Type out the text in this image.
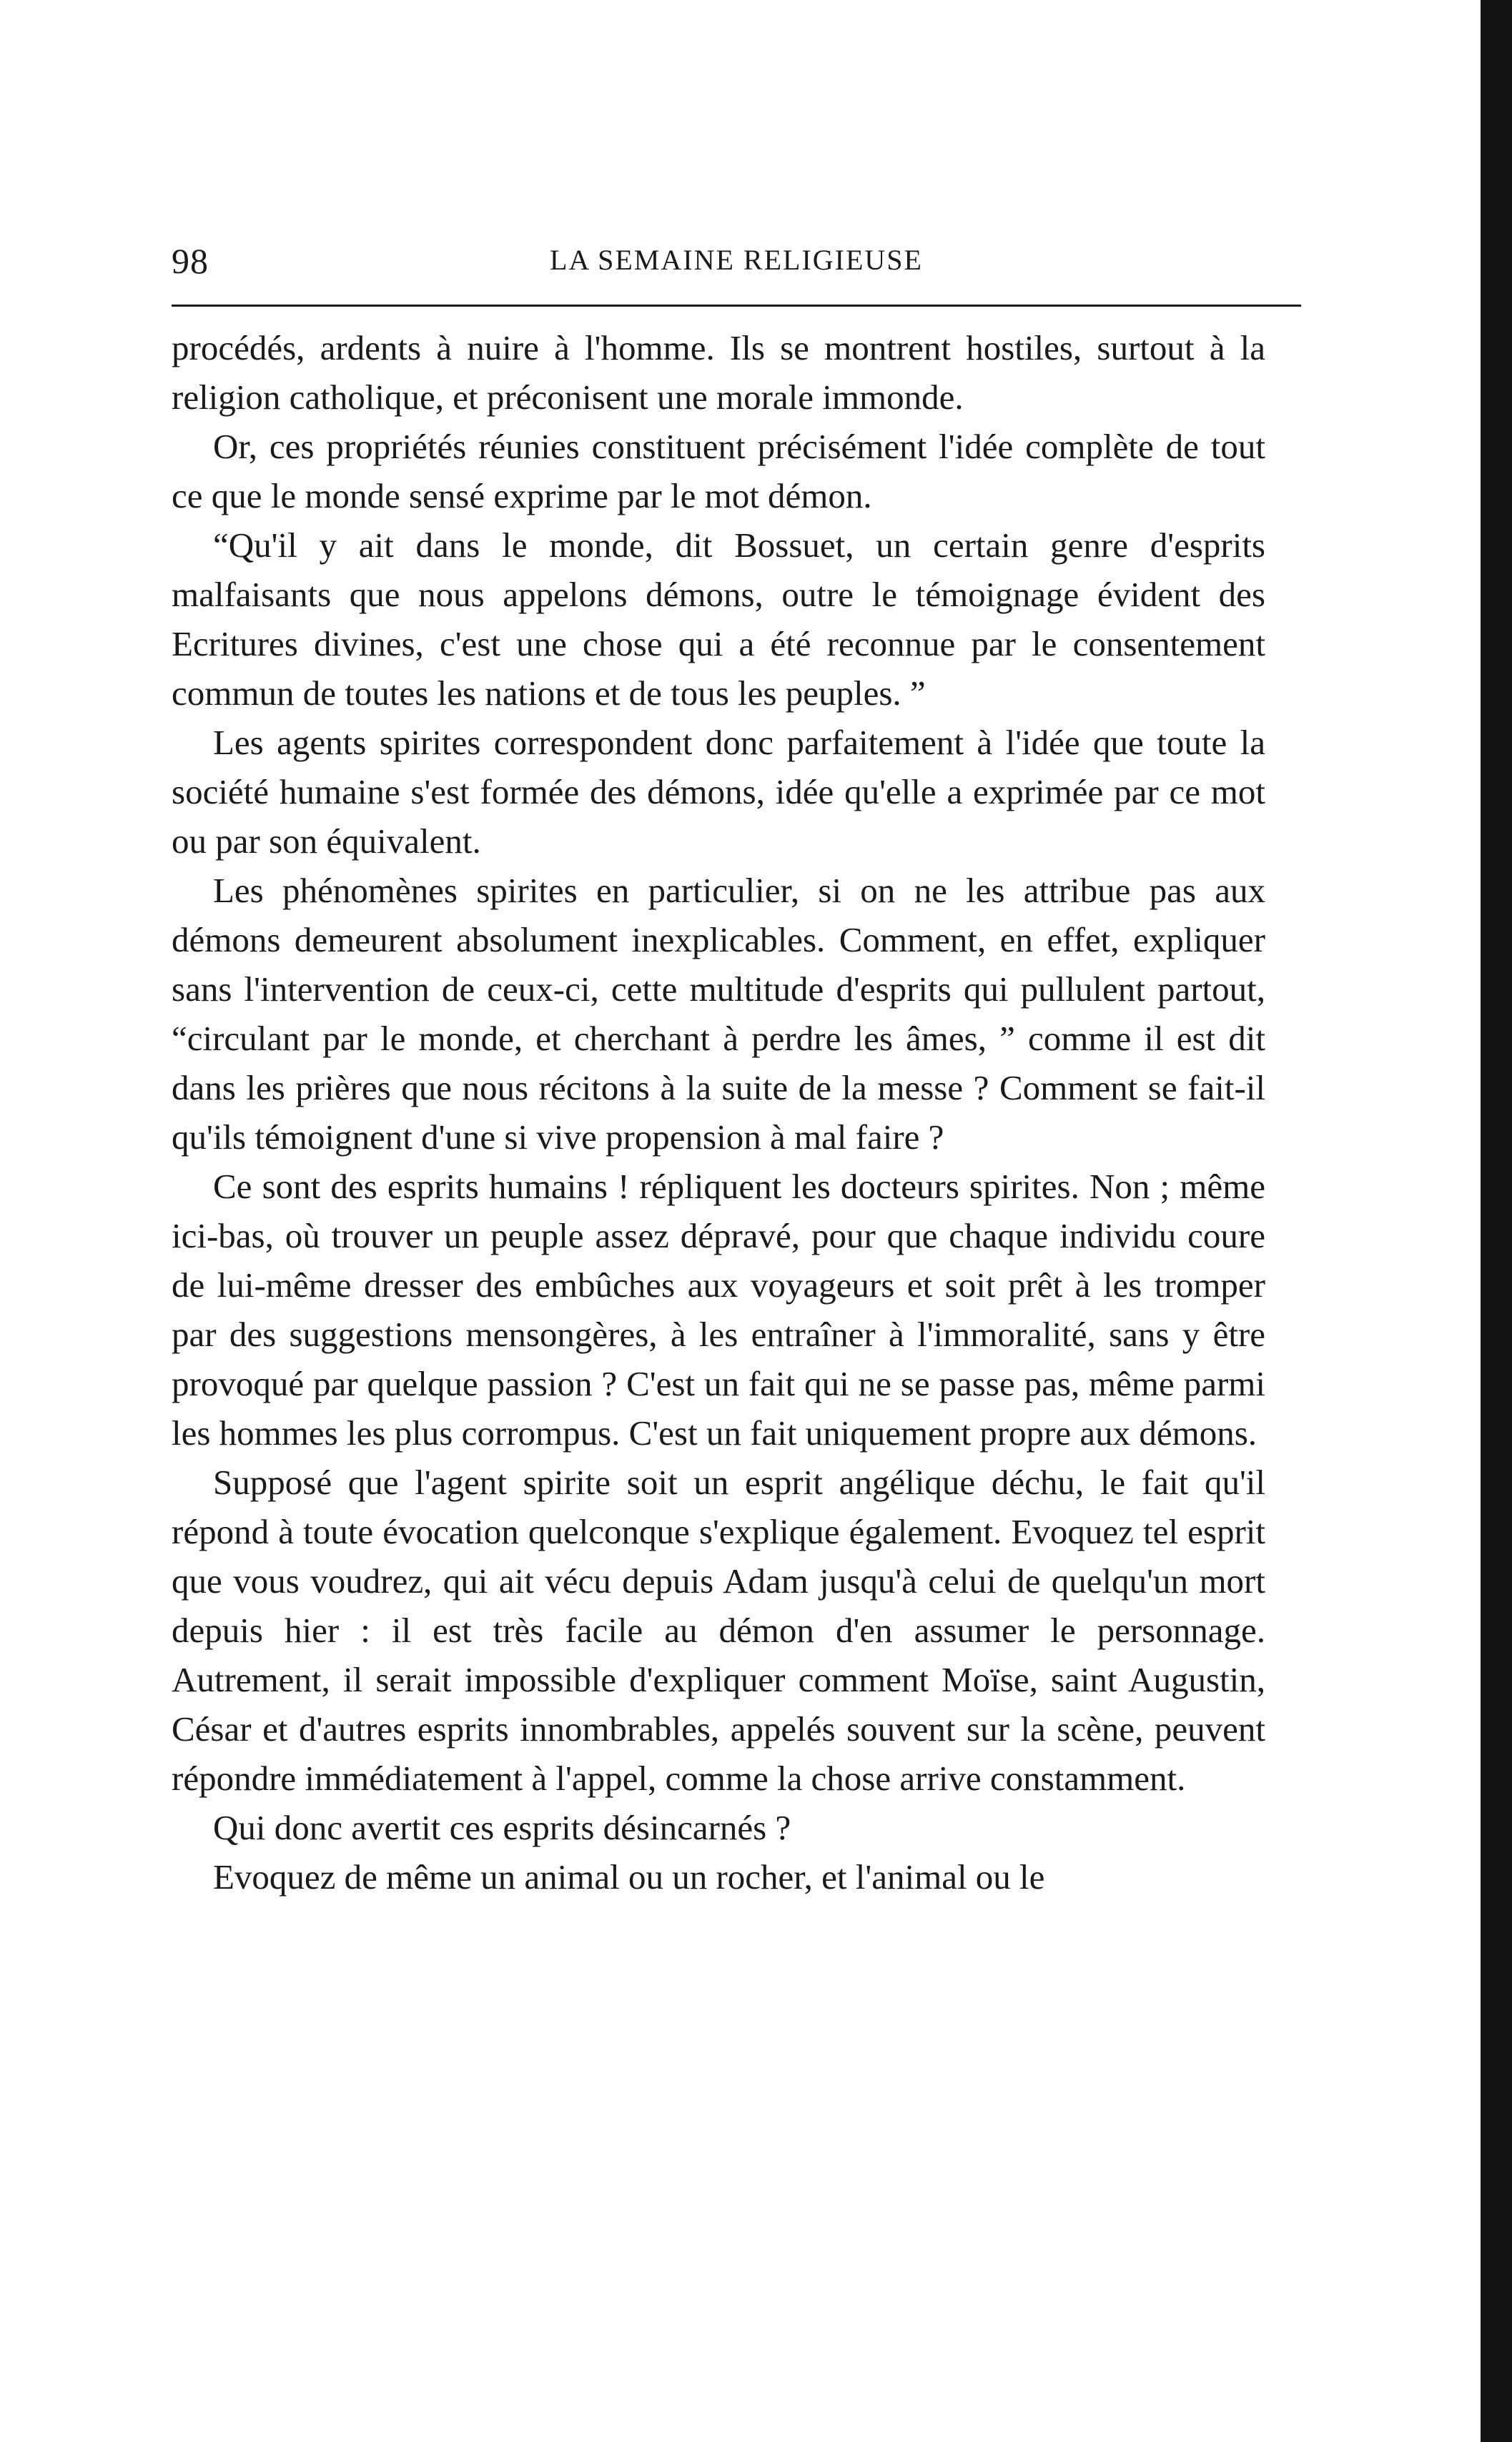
98	LA SEMAINE RELIGIEUSE

procédés, ardents à nuire à l'homme. Ils se montrent hostiles, surtout à la religion catholique, et préconisent une morale immonde.

Or, ces propriétés réunies constituent précisément l'idée complète de tout ce que le monde sensé exprime par le mot démon.

“Qu'il y ait dans le monde, dit Bossuet, un certain genre d'esprits malfaisants que nous appelons démons, outre le témoignage évident des Ecritures divines, c'est une chose qui a été reconnue par le consentement commun de toutes les nations et de tous les peuples. ”

Les agents spirites correspondent donc parfaitement à l'idée que toute la société humaine s'est formée des démons, idée qu'elle a exprimée par ce mot ou par son équivalent.

Les phénomènes spirites en particulier, si on ne les attribue pas aux démons demeurent absolument inexplicables. Comment, en effet, expliquer sans l'intervention de ceux-ci, cette multitude d'esprits qui pullulent partout, “circulant par le monde, et cherchant à perdre les âmes, ” comme il est dit dans les prières que nous récitons à la suite de la messe ? Comment se fait-il qu'ils témoignent d'une si vive propension à mal faire ?

Ce sont des esprits humains ! répliquent les docteurs spirites. Non ; même ici-bas, où trouver un peuple assez dépravé, pour que chaque individu coure de lui-même dresser des embûches aux voyageurs et soit prêt à les tromper par des suggestions mensongères, à les entraîner à l'immoralité, sans y être provoqué par quelque passion ? C'est un fait qui ne se passe pas, même parmi les hommes les plus corrompus. C'est un fait uniquement propre aux démons.

Supposé que l'agent spirite soit un esprit angélique déchu, le fait qu'il répond à toute évocation quelconque s'explique également. Evoquez tel esprit que vous voudrez, qui ait vécu depuis Adam jusqu'à celui de quelqu'un mort depuis hier : il est très facile au démon d'en assumer le personnage. Autrement, il serait impossible d'expliquer comment Moïse, saint Augustin, César et d'autres esprits innombrables, appelés souvent sur la scène, peuvent répondre immédiatement à l'appel, comme la chose arrive constamment.

Qui donc avertit ces esprits désincarnés ?

Evoquez de même un animal ou un rocher, et l'animal ou le
